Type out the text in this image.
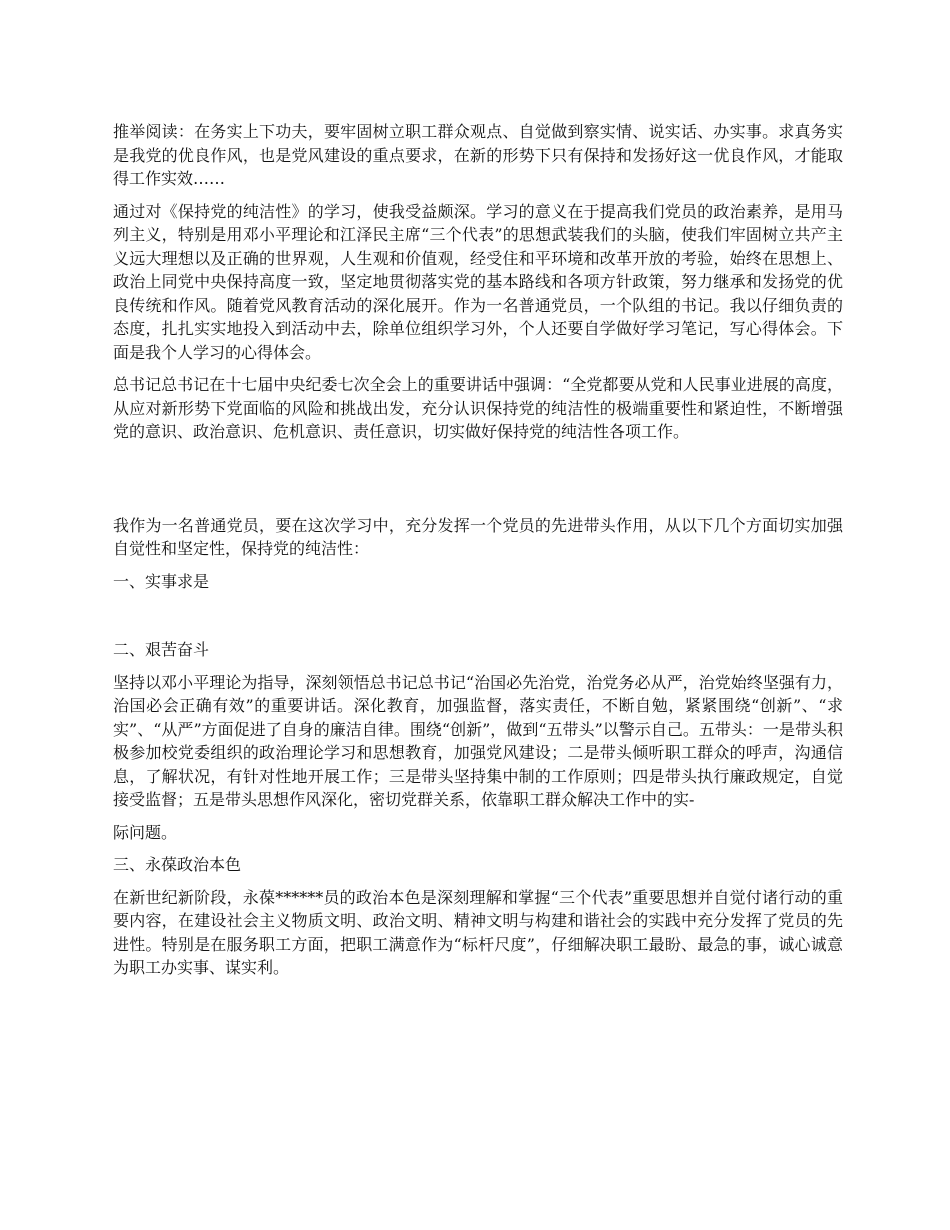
推举阅读：在务实上下功夫，要牢固树立职工群众观点、自觉做到察实情、说实话、办实事。求真务实是我党的优良作风，也是党风建设的重点要求，在新的形势下只有保持和发扬好这一优良作风，才能取得工作实效……

通过对《保持党的纯洁性》的学习，使我受益颇深。学习的意义在于提高我们党员的政治素养，是用马列主义，特别是用邓小平理论和江泽民主席“三个代表”的思想武装我们的头脑，使我们牢固树立共产主义远大理想以及正确的世界观，人生观和价值观，经受住和平环境和改革开放的考验，始终在思想上、政治上同党中央保持高度一致，坚定地贯彻落实党的基本路线和各项方针政策，努力继承和发扬党的优良传统和作风。随着党风教育活动的深化展开。作为一名普通党员，一个队组的书记。我以仔细负责的态度，扎扎实实地投入到活动中去，除单位组织学习外，个人还要自学做好学习笔记，写心得体会。下面是我个人学习的心得体会。

总书记总书记在十七届中央纪委七次全会上的重要讲话中强调：“全党都要从党和人民事业进展的高度，从应对新形势下党面临的风险和挑战出发，充分认识保持党的纯洁性的极端重要性和紧迫性，不断增强党的意识、政治意识、危机意识、责任意识，切实做好保持党的纯洁性各项工作。

我作为一名普通党员，要在这次学习中，充分发挥一个党员的先进带头作用，从以下几个方面切实加强自觉性和坚定性，保持党的纯洁性：

一、实事求是

二、艰苦奋斗

坚持以邓小平理论为指导，深刻领悟总书记总书记“治国必先治党，治党务必从严，治党始终坚强有力，治国必会正确有效”的重要讲话。深化教育，加强监督，落实责任，不断自勉，紧紧围绕“创新”、“求实”、“从严”方面促进了自身的廉洁自律。围绕“创新”，做到“五带头”以警示自己。五带头：一是带头积极参加校党委组织的政治理论学习和思想教育，加强党风建设；二是带头倾听职工群众的呼声，沟通信息，了解状况，有针对性地开展工作；三是带头坚持集中制的工作原则；四是带头执行廉政规定，自觉接受监督；五是带头思想作风深化，密切党群关系，依靠职工群众解决工作中的实-

际问题。

三、永葆政治本色

在新世纪新阶段，永葆******员的政治本色是深刻理解和掌握“三个代表”重要思想并自觉付诸行动的重要内容，在建设社会主义物质文明、政治文明、精神文明与构建和谐社会的实践中充分发挥了党员的先进性。特别是在服务职工方面，把职工满意作为“标杆尺度”，仔细解决职工最盼、最急的事，诚心诚意为职工办实事、谋实利。
